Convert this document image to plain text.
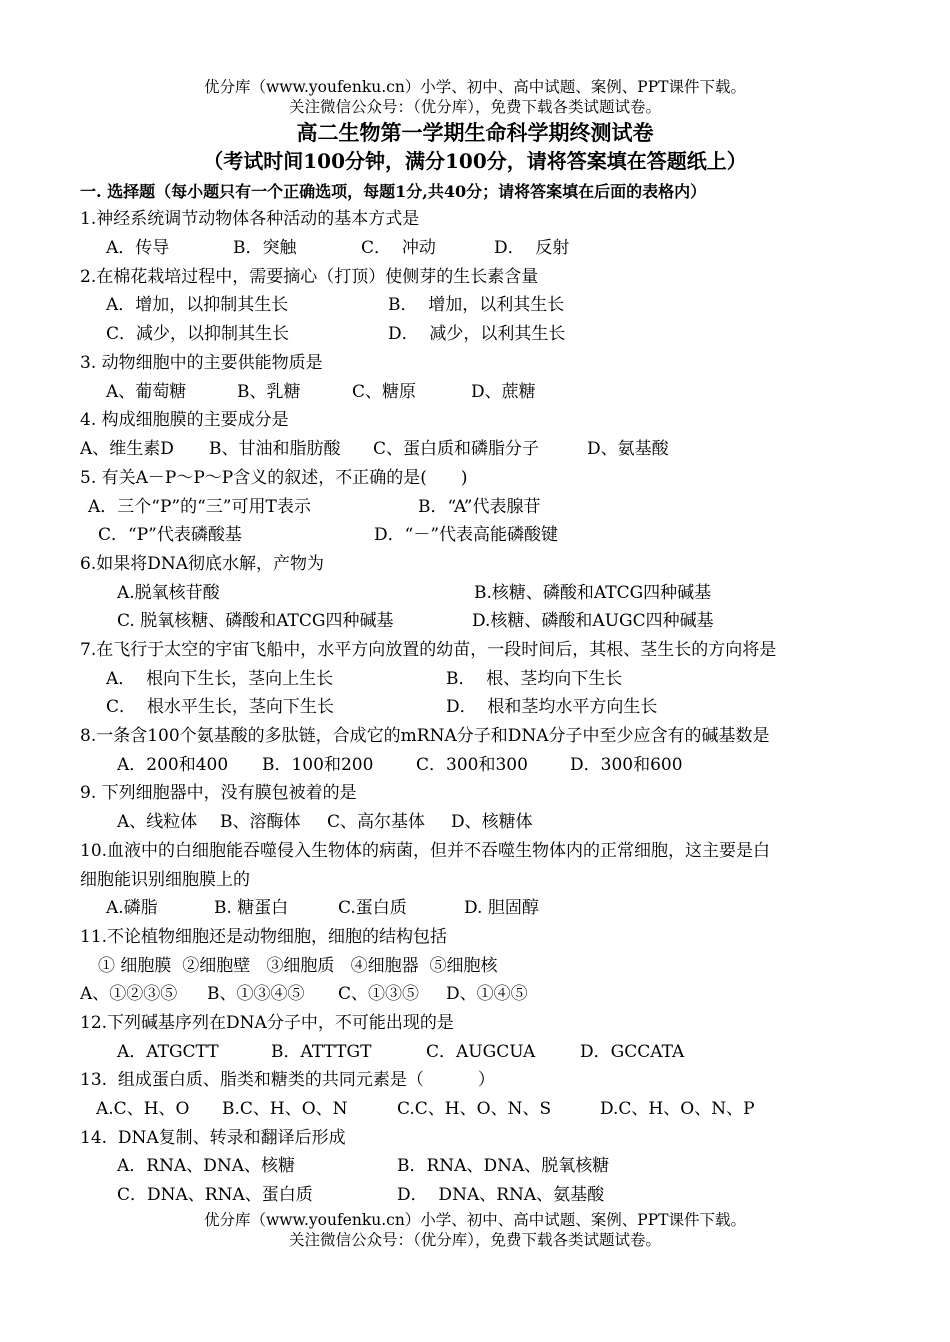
优分库（www.youfenku.cn）小学、初中、高中试题、案例、PPT课件下载。
关注微信公众号：（优分库），免费下载各类试题试卷。
高二生物第一学期生命科学期终测试卷
（考试时间100分钟，满分100分，请将答案填在答题纸上）
一. 选择题（每小题只有一个正确选项，每题1分,共40分；请将答案填在后面的表格内）
1.神经系统调节动物体各种活动的基本方式是
A．传导	B．突触	C．  冲动	D．  反射
2.在棉花栽培过程中，需要摘心（打顶）使侧芽的生长素含量
A．增加，以抑制其生长	B．  增加，以利其生长
C．减少，以抑制其生长	D．  减少，以利其生长
3. 动物细胞中的主要供能物质是
A、葡萄糖	B、乳糖	C、糖原	D、蔗糖
4. 构成细胞膜的主要成分是
A、维生素D B、甘油和脂肪酸 C、蛋白质和磷脂分子	D、氨基酸
5. 有关A－P～P～P含义的叙述，不正确的是(　　)
A．三个“P”的“三”可用T表示	B．“A”代表腺苷
C．“P”代表磷酸基	D．“－”代表高能磷酸键
6.如果将DNA彻底水解，产物为
A.脱氧核苷酸	B.核糖、磷酸和ATCG四种碱基
C. 脱氧核糖、磷酸和ATCG四种碱基	D.核糖、磷酸和AUGC四种碱基
7.在飞行于太空的宇宙飞船中，水平方向放置的幼苗，一段时间后，其根、茎生长的方向将是
A．  根向下生长，茎向上生长	B．  根、茎均向下生长
C．  根水平生长，茎向下生长	D．  根和茎均水平方向生长
8.一条含100个氨基酸的多肽链，合成它的mRNA分子和DNA分子中至少应含有的碱基数是
A．200和400 B．100和200	C．300和300 D．300和600
9. 下列细胞器中，没有膜包被着的是
A、线粒体 B、溶酶体 C、高尔基体 D、核糖体
10.血液中的白细胞能吞噬侵入生物体的病菌，但并不吞噬生物体内的正常细胞，这主要是白
细胞能识别细胞膜上的
A.磷脂	B. 糖蛋白	C.蛋白质	D. 胆固醇
11.不论植物细胞还是动物细胞，细胞的结构包括
① 细胞膜  ②细胞壁   ③细胞质   ④细胞器  ⑤细胞核
A、①②③⑤ B、①③④⑤ C、①③⑤ D、①④⑤
12.下列碱基序列在DNA分子中，不可能出现的是
A．ATGCTT	B．ATTTGT	C．AUGCUA	D．GCCATA
13.  组成蛋白质、脂类和糖类的共同元素是（          ）
A.C、H、O B.C、H、O、N	C.C、H、O、N、S	D.C、H、O、N、P
14.  DNA复制、转录和翻译后形成
A．RNA、DNA、核糖	B．RNA、DNA、脱氧核糖
C．DNA、RNA、蛋白质	D．  DNA、RNA、氨基酸
优分库（www.youfenku.cn）小学、初中、高中试题、案例、PPT课件下载。
关注微信公众号：（优分库），免费下载各类试题试卷。
